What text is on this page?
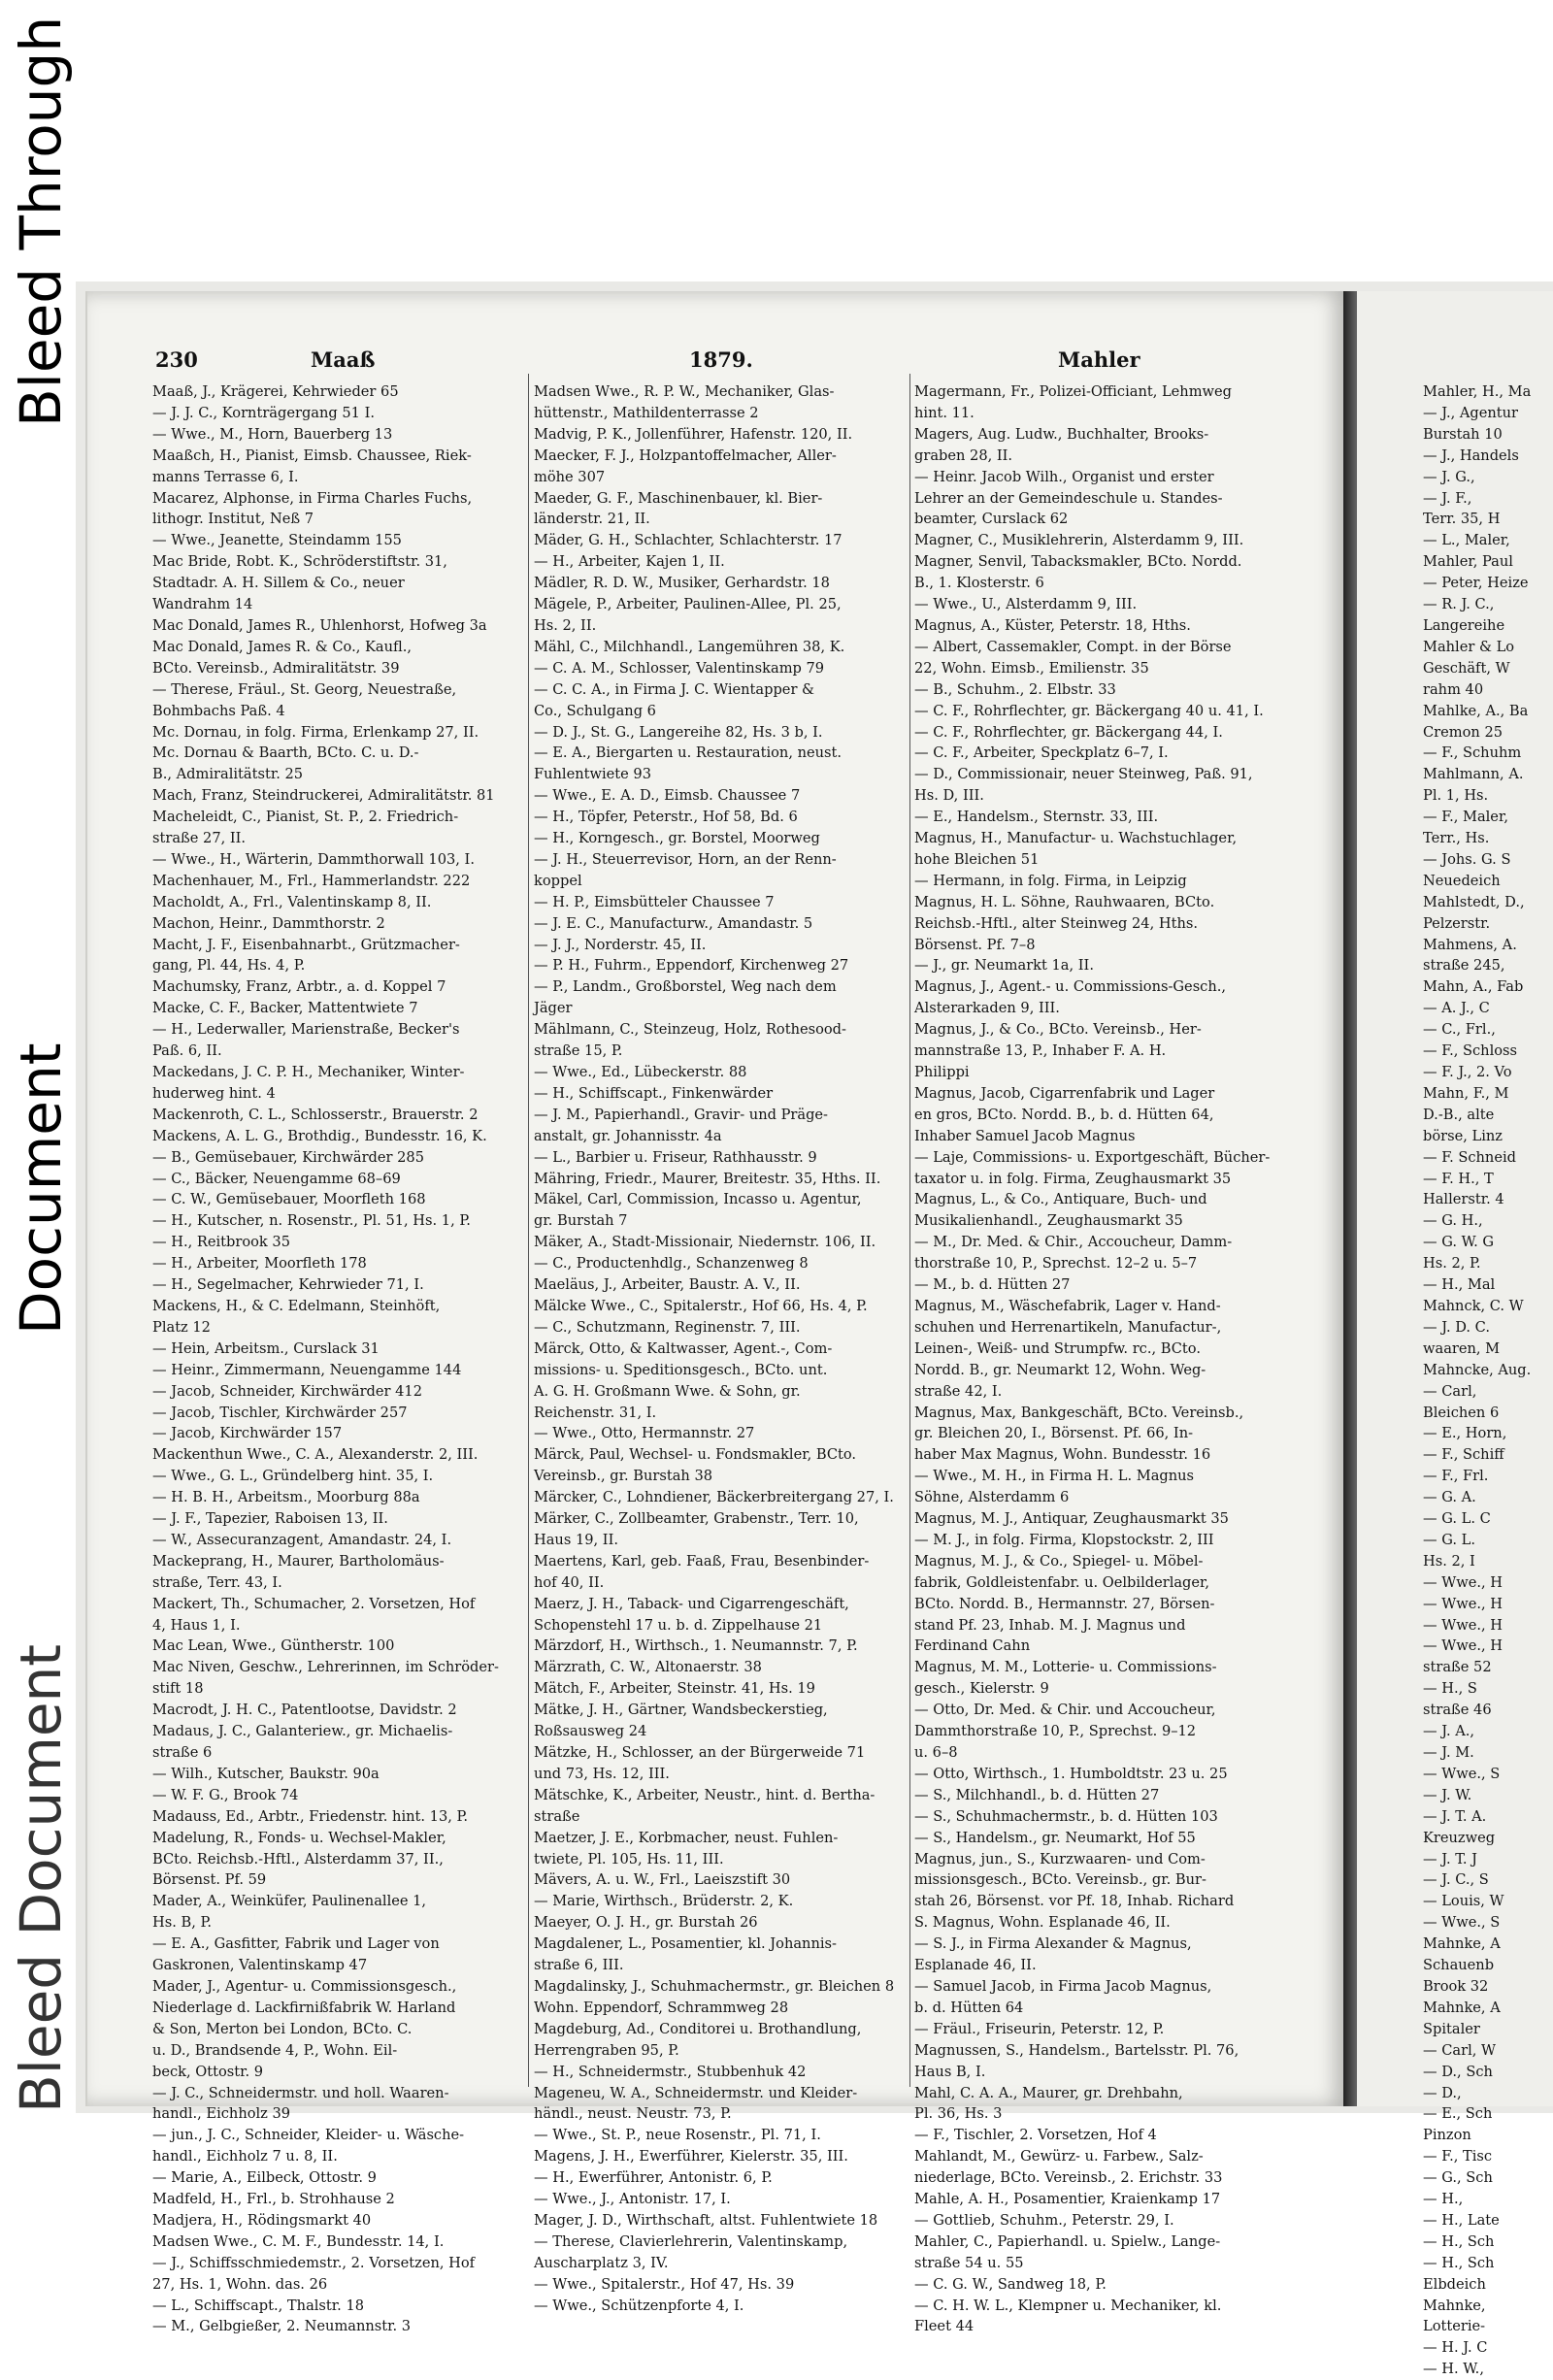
Bleed Through
Document
Bleed Document
230	Maaß	1879.	Mahler
Maaß, J., Krägerei, Kehrwieder 65
— J. J. C., Kornträgergang 51 I.
— Wwe., M., Horn, Bauerberg 13
Maaßch, H., Pianist, Eimsb. Chaussee, Riek-
manns Terrasse 6, I.
Macarez, Alphonse, in Firma Charles Fuchs,
lithogr. Institut, Neß 7
— Wwe., Jeanette, Steindamm 155
Mac Bride, Robt. K., Schröderstiftstr. 31,
Stadtadr. A. H. Sillem & Co., neuer
Wandrahm 14
Mac Donald, James R., Uhlenhorst, Hofweg 3a
Mac Donald, James R. & Co., Kaufl.,
BCto. Vereinsb., Admiralitätstr. 39
— Therese, Fräul., St. Georg, Neuestraße,
Bohmbachs Paß. 4
Mc. Dornau, in folg. Firma, Erlenkamp 27, II.
Mc. Dornau & Baarth, BCto. C. u. D.-
B., Admiralitätstr. 25
Mach, Franz, Steindruckerei, Admiralitätstr. 81
Macheleidt, C., Pianist, St. P., 2. Friedrich-
straße 27, II.
— Wwe., H., Wärterin, Dammthorwall 103, I.
Machenhauer, M., Frl., Hammerlandstr. 222
Macholdt, A., Frl., Valentinskamp 8, II.
Machon, Heinr., Dammthorstr. 2
Macht, J. F., Eisenbahnarbt., Grützmacher-
gang, Pl. 44, Hs. 4, P.
Machumsky, Franz, Arbtr., a. d. Koppel 7
Macke, C. F., Backer, Mattentwiete 7
— H., Lederwaller, Marienstraße, Becker's
Paß. 6, II.
Mackedans, J. C. P. H., Mechaniker, Winter-
huderweg hint. 4
Mackenroth, C. L., Schlosserstr., Brauerstr. 2
Mackens, A. L. G., Brothdig., Bundesstr. 16, K.
— B., Gemüsebauer, Kirchwärder 285
— C., Bäcker, Neuengamme 68–69
— C. W., Gemüsebauer, Moorfleth 168
— H., Kutscher, n. Rosenstr., Pl. 51, Hs. 1, P.
— H., Reitbrook 35
— H., Arbeiter, Moorfleth 178
— H., Segelmacher, Kehrwieder 71, I.
Mackens, H., & C. Edelmann, Steinhöft,
Platz 12
— Hein, Arbeitsm., Curslack 31
— Heinr., Zimmermann, Neuengamme 144
— Jacob, Schneider, Kirchwärder 412
— Jacob, Tischler, Kirchwärder 257
— Jacob, Kirchwärder 157
Mackenthun Wwe., C. A., Alexanderstr. 2, III.
— Wwe., G. L., Gründelberg hint. 35, I.
— H. B. H., Arbeitsm., Moorburg 88a
— J. F., Tapezier, Raboisen 13, II.
— W., Assecuranzagent, Amandastr. 24, I.
Mackeprang, H., Maurer, Bartholomäus-
straße, Terr. 43, I.
Mackert, Th., Schumacher, 2. Vorsetzen, Hof
4, Haus 1, I.
Mac Lean, Wwe., Güntherstr. 100
Mac Niven, Geschw., Lehrerinnen, im Schröder-
stift 18
Macrodt, J. H. C., Patentlootse, Davidstr. 2
Madaus, J. C., Galanteriew., gr. Michaelis-
straße 6
— Wilh., Kutscher, Baukstr. 90a
— W. F. G., Brook 74
Madauss, Ed., Arbtr., Friedenstr. hint. 13, P.
Madelung, R., Fonds- u. Wechsel-Makler,
BCto. Reichsb.-Hftl., Alsterdamm 37, II.,
Börsenst. Pf. 59
Mader, A., Weinküfer, Paulinenallee 1,
Hs. B, P.
— E. A., Gasfitter, Fabrik und Lager von
Gaskronen, Valentinskamp 47
Mader, J., Agentur- u. Commissionsgesch.,
Niederlage d. Lackfirnißfabrik W. Harland
& Son, Merton bei London, BCto. C.
u. D., Brandsende 4, P., Wohn. Eil-
beck, Ottostr. 9
— J. C., Schneidermstr. und holl. Waaren-
handl., Eichholz 39
— jun., J. C., Schneider, Kleider- u. Wäsche-
handl., Eichholz 7 u. 8, II.
— Marie, A., Eilbeck, Ottostr. 9
Madfeld, H., Frl., b. Strohhause 2
Madjera, H., Rödingsmarkt 40
Madsen Wwe., C. M. F., Bundesstr. 14, I.
— J., Schiffsschmiedemstr., 2. Vorsetzen, Hof
27, Hs. 1, Wohn. das. 26
— L., Schiffscapt., Thalstr. 18
— M., Gelbgießer, 2. Neumannstr. 3
Madsen Wwe., R. P. W., Mechaniker, Glas-
hüttenstr., Mathildenterrasse 2
Madvig, P. K., Jollenführer, Hafenstr. 120, II.
Maecker, F. J., Holzpantoffelmacher, Aller-
möhe 307
Maeder, G. F., Maschinenbauer, kl. Bier-
länderstr. 21, II.
Mäder, G. H., Schlachter, Schlachterstr. 17
— H., Arbeiter, Kajen 1, II.
Mädler, R. D. W., Musiker, Gerhardstr. 18
Mägele, P., Arbeiter, Paulinen-Allee, Pl. 25,
Hs. 2, II.
Mähl, C., Milchhandl., Langemühren 38, K.
— C. A. M., Schlosser, Valentinskamp 79
— C. C. A., in Firma J. C. Wientapper &
Co., Schulgang 6
— D. J., St. G., Langereihe 82, Hs. 3 b, I.
— E. A., Biergarten u. Restauration, neust.
Fuhlentwiete 93
— Wwe., E. A. D., Eimsb. Chaussee 7
— H., Töpfer, Peterstr., Hof 58, Bd. 6
— H., Korngesch., gr. Borstel, Moorweg
— J. H., Steuerrevisor, Horn, an der Renn-
koppel
— H. P., Eimsbütteler Chaussee 7
— J. E. C., Manufacturw., Amandastr. 5
— J. J., Norderstr. 45, II.
— P. H., Fuhrm., Eppendorf, Kirchenweg 27
— P., Landm., Großborstel, Weg nach dem
Jäger
Mählmann, C., Steinzeug, Holz, Rothesood-
straße 15, P.
— Wwe., Ed., Lübeckerstr. 88
— H., Schiffscapt., Finkenwärder
— J. M., Papierhandl., Gravir- und Präge-
anstalt, gr. Johannisstr. 4a
— L., Barbier u. Friseur, Rathhausstr. 9
Mähring, Friedr., Maurer, Breitestr. 35, Hths. II.
Mäkel, Carl, Commission, Incasso u. Agentur,
gr. Burstah 7
Mäker, A., Stadt-Missionair, Niedernstr. 106, II.
— C., Productenhdlg., Schanzenweg 8
Maeläus, J., Arbeiter, Baustr. A. V., II.
Mälcke Wwe., C., Spitalerstr., Hof 66, Hs. 4, P.
— C., Schutzmann, Reginenstr. 7, III.
Märck, Otto, & Kaltwasser, Agent.-, Com-
missions- u. Speditionsgesch., BCto. unt.
A. G. H. Großmann Wwe. & Sohn, gr.
Reichenstr. 31, I.
— Wwe., Otto, Hermannstr. 27
Märck, Paul, Wechsel- u. Fondsmakler, BCto.
Vereinsb., gr. Burstah 38
Märcker, C., Lohndiener, Bäckerbreitergang 27, I.
Märker, C., Zollbeamter, Grabenstr., Terr. 10,
Haus 19, II.
Maertens, Karl, geb. Faaß, Frau, Besenbinder-
hof 40, II.
Maerz, J. H., Taback- und Cigarrengeschäft,
Schopenstehl 17 u. b. d. Zippelhause 21
Märzdorf, H., Wirthsch., 1. Neumannstr. 7, P.
Märzrath, C. W., Altonaerstr. 38
Mätch, F., Arbeiter, Steinstr. 41, Hs. 19
Mätke, J. H., Gärtner, Wandsbeckerstieg,
Roßsausweg 24
Mätzke, H., Schlosser, an der Bürgerweide 71
und 73, Hs. 12, III.
Mätschke, K., Arbeiter, Neustr., hint. d. Bertha-
straße
Maetzer, J. E., Korbmacher, neust. Fuhlen-
twiete, Pl. 105, Hs. 11, III.
Mävers, A. u. W., Frl., Laeiszstift 30
— Marie, Wirthsch., Brüderstr. 2, K.
Maeyer, O. J. H., gr. Burstah 26
Magdalener, L., Posamentier, kl. Johannis-
straße 6, III.
Magdalinsky, J., Schuhmachermstr., gr. Bleichen 8
Wohn. Eppendorf, Schrammweg 28
Magdeburg, Ad., Conditorei u. Brothandlung,
Herrengraben 95, P.
— H., Schneidermstr., Stubbenhuk 42
Mageneu, W. A., Schneidermstr. und Kleider-
händl., neust. Neustr. 73, P.
— Wwe., St. P., neue Rosenstr., Pl. 71, I.
Magens, J. H., Ewerführer, Kielerstr. 35, III.
— H., Ewerführer, Antonistr. 6, P.
— Wwe., J., Antonistr. 17, I.
Mager, J. D., Wirthschaft, altst. Fuhlentwiete 18
— Therese, Clavierlehrerin, Valentinskamp,
Auscharplatz 3, IV.
— Wwe., Spitalerstr., Hof 47, Hs. 39
— Wwe., Schützenpforte 4, I.
Magermann, Fr., Polizei-Officiant, Lehmweg
hint. 11.
Magers, Aug. Ludw., Buchhalter, Brooks-
graben 28, II.
— Heinr. Jacob Wilh., Organist und erster
Lehrer an der Gemeindeschule u. Standes-
beamter, Curslack 62
Magner, C., Musiklehrerin, Alsterdamm 9, III.
Magner, Senvil, Tabacksmakler, BCto. Nordd.
B., 1. Klosterstr. 6
— Wwe., U., Alsterdamm 9, III.
Magnus, A., Küster, Peterstr. 18, Hths.
— Albert, Cassemakler, Compt. in der Börse
22, Wohn. Eimsb., Emilienstr. 35
— B., Schuhm., 2. Elbstr. 33
— C. F., Rohrflechter, gr. Bäckergang 40 u. 41, I.
— C. F., Rohrflechter, gr. Bäckergang 44, I.
— C. F., Arbeiter, Speckplatz 6–7, I.
— D., Commissionair, neuer Steinweg, Paß. 91,
Hs. D, III.
— E., Handelsm., Sternstr. 33, III.
Magnus, H., Manufactur- u. Wachstuchlager,
hohe Bleichen 51
— Hermann, in folg. Firma, in Leipzig
Magnus, H. L. Söhne, Rauhwaaren, BCto.
Reichsb.-Hftl., alter Steinweg 24, Hths.
Börsenst. Pf. 7–8
— J., gr. Neumarkt 1a, II.
Magnus, J., Agent.- u. Commissions-Gesch.,
Alsterarkaden 9, III.
Magnus, J., & Co., BCto. Vereinsb., Her-
mannstraße 13, P., Inhaber F. A. H.
Philippi
Magnus, Jacob, Cigarrenfabrik und Lager
en gros, BCto. Nordd. B., b. d. Hütten 64,
Inhaber Samuel Jacob Magnus
— Laje, Commissions- u. Exportgeschäft, Bücher-
taxator u. in folg. Firma, Zeughausmarkt 35
Magnus, L., & Co., Antiquare, Buch- und
Musikalienhandl., Zeughausmarkt 35
— M., Dr. Med. & Chir., Accoucheur, Damm-
thorstraße 10, P., Sprechst. 12–2 u. 5–7
— M., b. d. Hütten 27
Magnus, M., Wäschefabrik, Lager v. Hand-
schuhen und Herrenartikeln, Manufactur-,
Leinen-, Weiß- und Strumpfw. rc., BCto.
Nordd. B., gr. Neumarkt 12, Wohn. Weg-
straße 42, I.
Magnus, Max, Bankgeschäft, BCto. Vereinsb.,
gr. Bleichen 20, I., Börsenst. Pf. 66, In-
haber Max Magnus, Wohn. Bundesstr. 16
— Wwe., M. H., in Firma H. L. Magnus
Söhne, Alsterdamm 6
Magnus, M. J., Antiquar, Zeughausmarkt 35
— M. J., in folg. Firma, Klopstockstr. 2, III
Magnus, M. J., & Co., Spiegel- u. Möbel-
fabrik, Goldleistenfabr. u. Oelbilderlager,
BCto. Nordd. B., Hermannstr. 27, Börsen-
stand Pf. 23, Inhab. M. J. Magnus und
Ferdinand Cahn
Magnus, M. M., Lotterie- u. Commissions-
gesch., Kielerstr. 9
— Otto, Dr. Med. & Chir. und Accoucheur,
Dammthorstraße 10, P., Sprechst. 9–12
u. 6–8
— Otto, Wirthsch., 1. Humboldtstr. 23 u. 25
— S., Milchhandl., b. d. Hütten 27
— S., Schuhmachermstr., b. d. Hütten 103
— S., Handelsm., gr. Neumarkt, Hof 55
Magnus, jun., S., Kurzwaaren- und Com-
missionsgesch., BCto. Vereinsb., gr. Bur-
stah 26, Börsenst. vor Pf. 18, Inhab. Richard
S. Magnus, Wohn. Esplanade 46, II.
— S. J., in Firma Alexander & Magnus,
Esplanade 46, II.
— Samuel Jacob, in Firma Jacob Magnus,
b. d. Hütten 64
— Fräul., Friseurin, Peterstr. 12, P.
Magnussen, S., Handelsm., Bartelsstr. Pl. 76,
Haus B, I.
Mahl, C. A. A., Maurer, gr. Drehbahn,
Pl. 36, Hs. 3
— F., Tischler, 2. Vorsetzen, Hof 4
Mahlandt, M., Gewürz- u. Farbew., Salz-
niederlage, BCto. Vereinsb., 2. Erichstr. 33
Mahle, A. H., Posamentier, Kraienkamp 17
— Gottlieb, Schuhm., Peterstr. 29, I.
Mahler, C., Papierhandl. u. Spielw., Lange-
straße 54 u. 55
— C. G. W., Sandweg 18, P.
— C. H. W. L., Klempner u. Mechaniker, kl.
Fleet 44
Mahler, H., Ma
— J., Agentur
Burstah 10
— J., Handels
— J. G.,
— J. F.,
Terr. 35, H
— L., Maler,
Mahler, Paul
— Peter, Heize
— R. J. C.,
Langereihe
Mahler & Lo
Geschäft, W
rahm 40
Mahlke, A., Ba
Cremon 25
— F., Schuhm
Mahlmann, A.
Pl. 1, Hs.
— F., Maler,
Terr., Hs.
— Johs. G. S
Neuedeich
Mahlstedt, D.,
Pelzerstr.
Mahmens, A.
straße 245,
Mahn, A., Fab
— A. J., C
— C., Frl.,
— F., Schloss
— F. J., 2. Vo
Mahn, F., M
D.-B., alte
börse, Linz
— F. Schneid
— F. H., T
Hallerstr. 4
— G. H.,
— G. W. G
Hs. 2, P.
— H., Mal
Mahnck, C. W
— J. D. C.
waaren, M
Mahncke, Aug.
— Carl,
Bleichen 6
— E., Horn,
— F., Schiff
— F., Frl.
— G. A.
— G. L. C
— G. L.
Hs. 2, I
— Wwe., H
— Wwe., H
— Wwe., H
— Wwe., H
straße 52
— H., S
straße 46
— J. A.,
— J. M.
— Wwe., S
— J. W.
— J. T. A.
Kreuzweg
— J. T. J
— J. C., S
— Louis, W
— Wwe., S
Mahnke, A
Schauenb
Brook 32
Mahnke, A
Spitaler
— Carl, W
— D., Sch
— D.,
— E., Sch
Pinzon
— F., Tisc
— G., Sch
— H.,
— H., Late
— H., Sch
— H., Sch
Elbdeich
Mahnke,
Lotterie-
— H. J. C
— H. W.,
